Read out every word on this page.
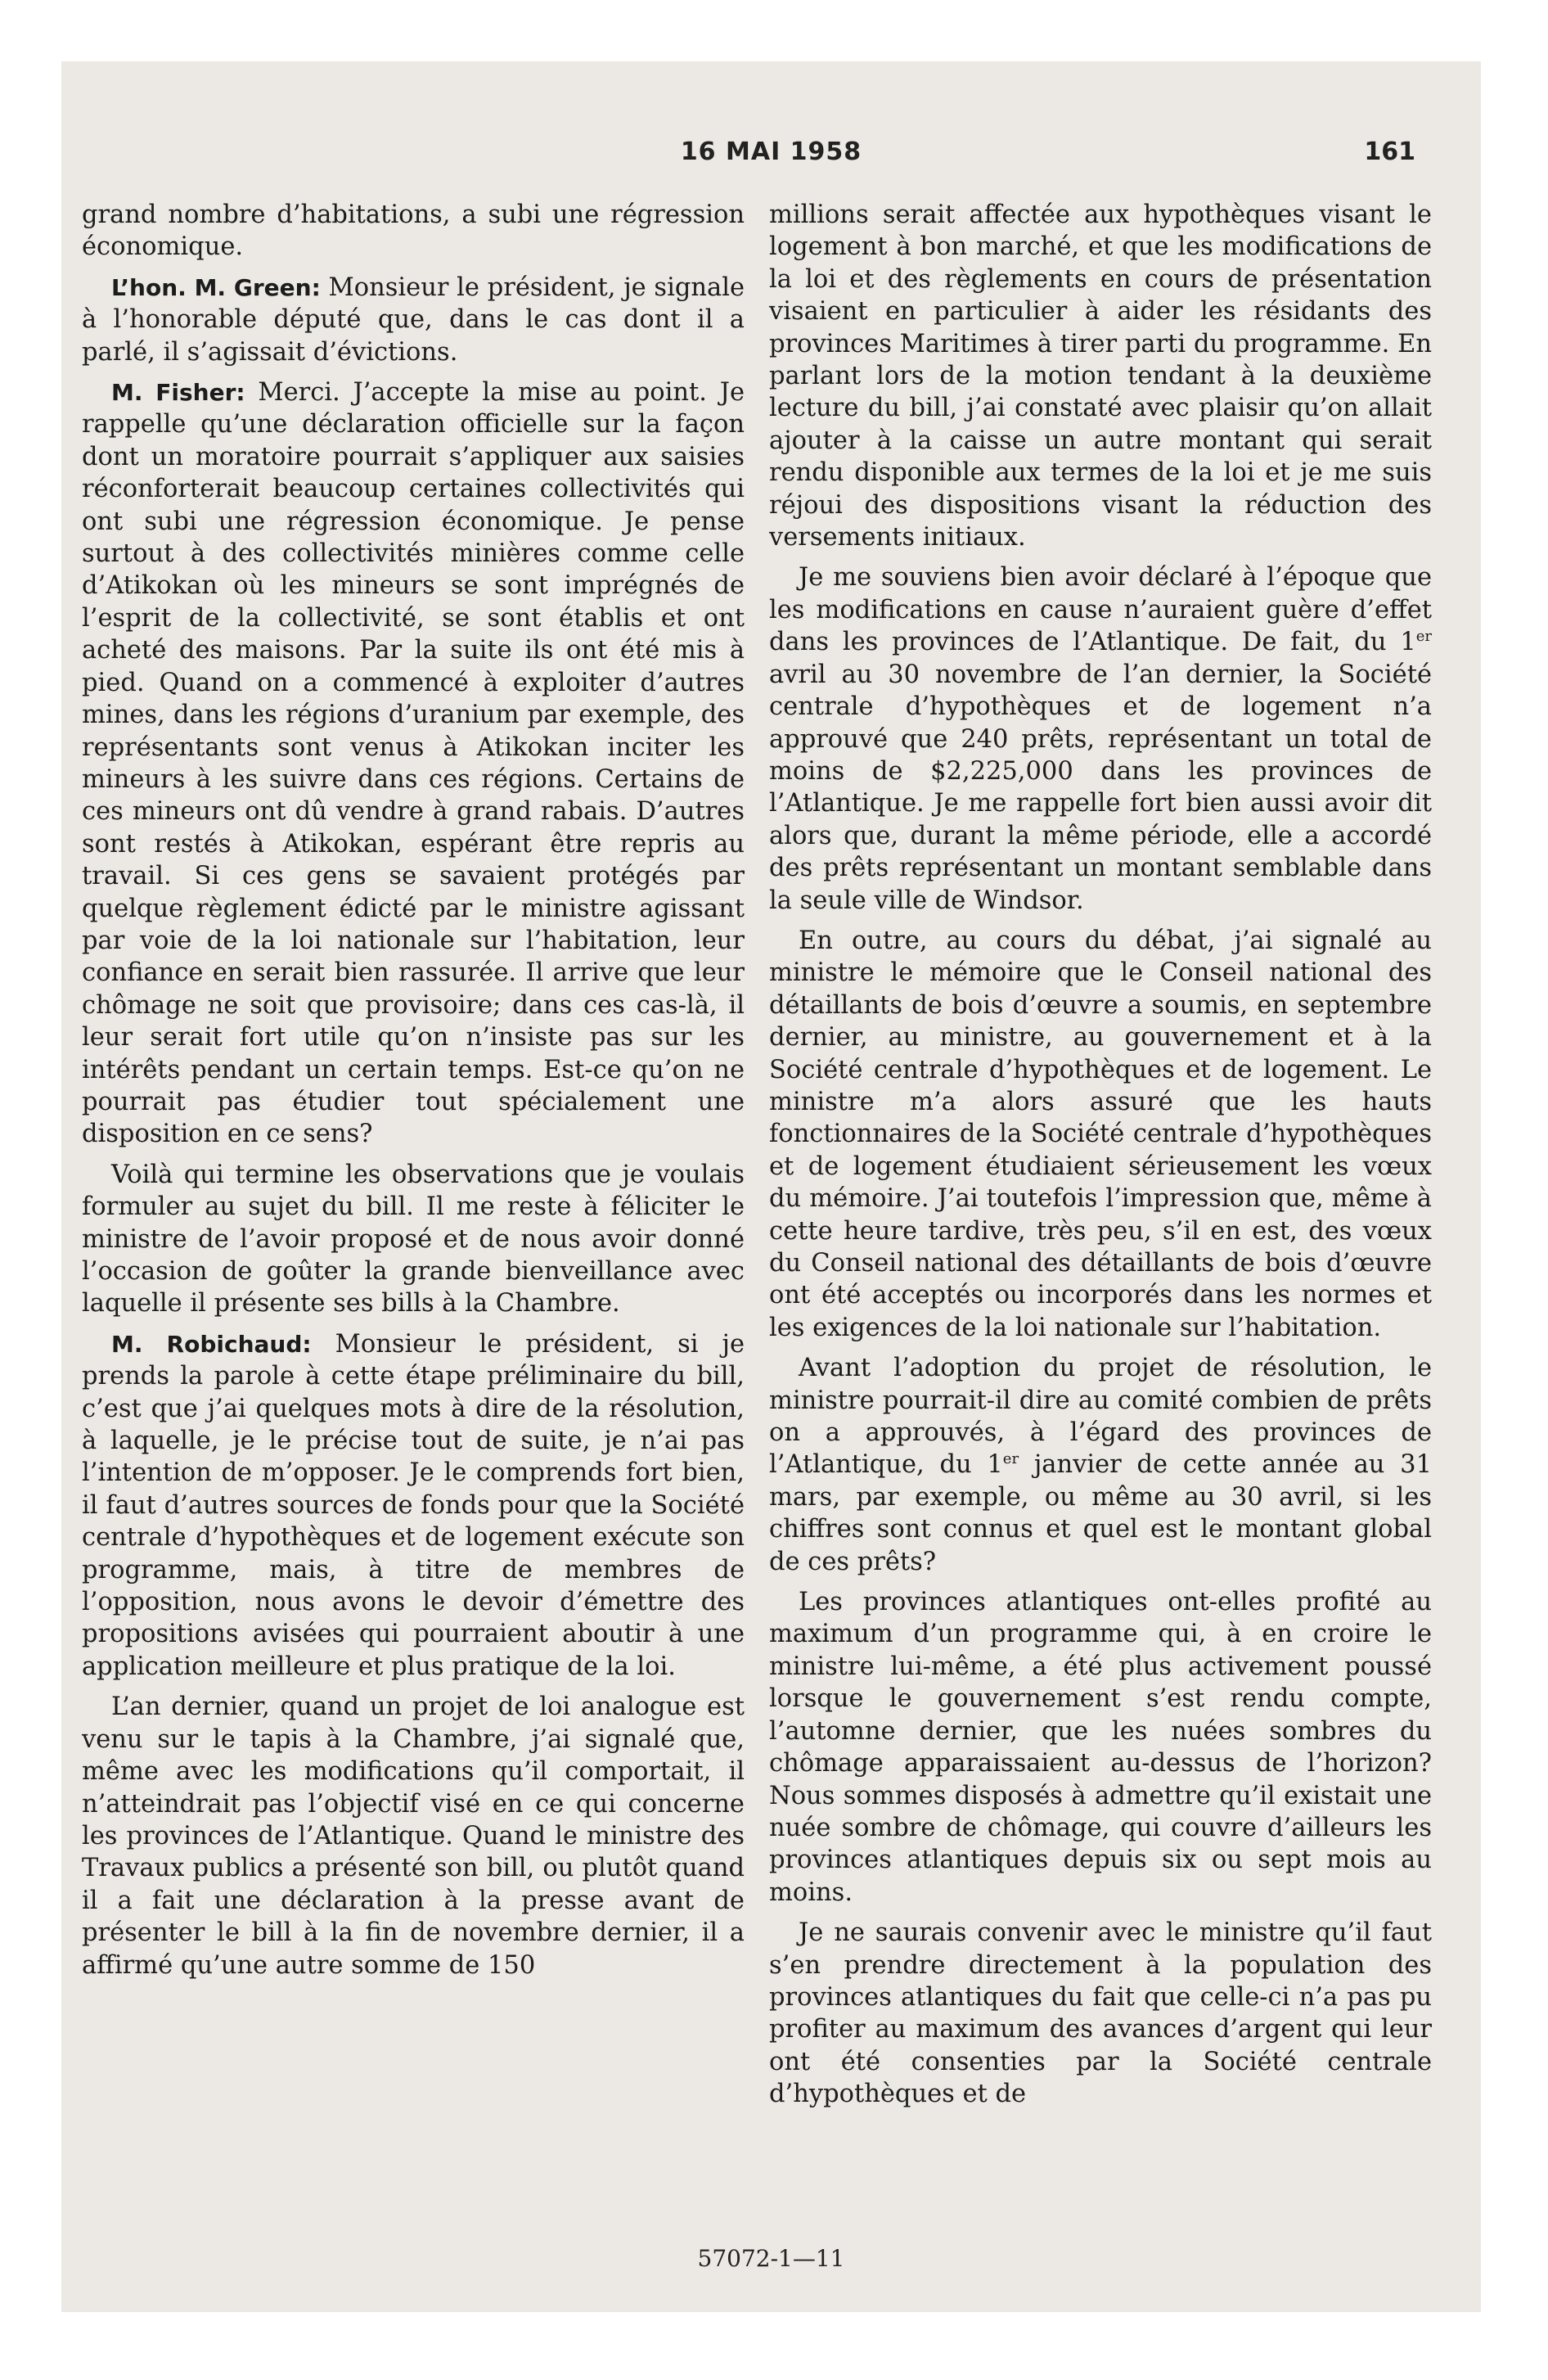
16 MAI 1958	161

grand nombre d’habitations, a subi une régression économique.

L’hon. M. Green: Monsieur le président, je signale à l’honorable député que, dans le cas dont il a parlé, il s’agissait d’évictions.

M. Fisher: Merci. J’accepte la mise au point. Je rappelle qu’une déclaration officielle sur la façon dont un moratoire pourrait s’appliquer aux saisies réconforterait beaucoup certaines collectivités qui ont subi une régression économique. Je pense surtout à des collectivités minières comme celle d’Atikokan où les mineurs se sont imprégnés de l’esprit de la collectivité, se sont établis et ont acheté des maisons. Par la suite ils ont été mis à pied. Quand on a commencé à exploiter d’autres mines, dans les régions d’uranium par exemple, des représentants sont venus à Atikokan inciter les mineurs à les suivre dans ces régions. Certains de ces mineurs ont dû vendre à grand rabais. D’autres sont restés à Atikokan, espérant être repris au travail. Si ces gens se savaient protégés par quelque règlement édicté par le ministre agissant par voie de la loi nationale sur l’habitation, leur confiance en serait bien rassurée. Il arrive que leur chômage ne soit que provisoire; dans ces cas-là, il leur serait fort utile qu’on n’insiste pas sur les intérêts pendant un certain temps. Est-ce qu’on ne pourrait pas étudier tout spécialement une disposition en ce sens?

Voilà qui termine les observations que je voulais formuler au sujet du bill. Il me reste à féliciter le ministre de l’avoir proposé et de nous avoir donné l’occasion de goûter la grande bienveillance avec laquelle il présente ses bills à la Chambre.

M. Robichaud: Monsieur le président, si je prends la parole à cette étape préliminaire du bill, c’est que j’ai quelques mots à dire de la résolution, à laquelle, je le précise tout de suite, je n’ai pas l’intention de m’opposer. Je le comprends fort bien, il faut d’autres sources de fonds pour que la Société centrale d’hypothèques et de logement exécute son programme, mais, à titre de membres de l’opposition, nous avons le devoir d’émettre des propositions avisées qui pourraient aboutir à une application meilleure et plus pratique de la loi.

L’an dernier, quand un projet de loi analogue est venu sur le tapis à la Chambre, j’ai signalé que, même avec les modifications qu’il comportait, il n’atteindrait pas l’objectif visé en ce qui concerne les provinces de l’Atlantique. Quand le ministre des Travaux publics a présenté son bill, ou plutôt quand il a fait une déclaration à la presse avant de présenter le bill à la fin de novembre dernier, il a affirmé qu’une autre somme de 150

millions serait affectée aux hypothèques visant le logement à bon marché, et que les modifications de la loi et des règlements en cours de présentation visaient en particulier à aider les résidants des provinces Maritimes à tirer parti du programme. En parlant lors de la motion tendant à la deuxième lecture du bill, j’ai constaté avec plaisir qu’on allait ajouter à la caisse un autre montant qui serait rendu disponible aux termes de la loi et je me suis réjoui des dispositions visant la réduction des versements initiaux.

Je me souviens bien avoir déclaré à l’époque que les modifications en cause n’auraient guère d’effet dans les provinces de l’Atlantique. De fait, du 1er avril au 30 novembre de l’an dernier, la Société centrale d’hypothèques et de logement n’a approuvé que 240 prêts, représentant un total de moins de $2,225,000 dans les provinces de l’Atlantique. Je me rappelle fort bien aussi avoir dit alors que, durant la même période, elle a accordé des prêts représentant un montant semblable dans la seule ville de Windsor.

En outre, au cours du débat, j’ai signalé au ministre le mémoire que le Conseil national des détaillants de bois d’œuvre a soumis, en septembre dernier, au ministre, au gouvernement et à la Société centrale d’hypothèques et de logement. Le ministre m’a alors assuré que les hauts fonctionnaires de la Société centrale d’hypothèques et de logement étudiaient sérieusement les vœux du mémoire. J’ai toutefois l’impression que, même à cette heure tardive, très peu, s’il en est, des vœux du Conseil national des détaillants de bois d’œuvre ont été acceptés ou incorporés dans les normes et les exigences de la loi nationale sur l’habitation.

Avant l’adoption du projet de résolution, le ministre pourrait-il dire au comité combien de prêts on a approuvés, à l’égard des provinces de l’Atlantique, du 1er janvier de cette année au 31 mars, par exemple, ou même au 30 avril, si les chiffres sont connus et quel est le montant global de ces prêts?

Les provinces atlantiques ont-elles profité au maximum d’un programme qui, à en croire le ministre lui-même, a été plus activement poussé lorsque le gouvernement s’est rendu compte, l’automne dernier, que les nuées sombres du chômage apparaissaient au-dessus de l’horizon? Nous sommes disposés à admettre qu’il existait une nuée sombre de chômage, qui couvre d’ailleurs les provinces atlantiques depuis six ou sept mois au moins.

Je ne saurais convenir avec le ministre qu’il faut s’en prendre directement à la population des provinces atlantiques du fait que celle-ci n’a pas pu profiter au maximum des avances d’argent qui leur ont été consenties par la Société centrale d’hypothèques et de

57072-1—11
